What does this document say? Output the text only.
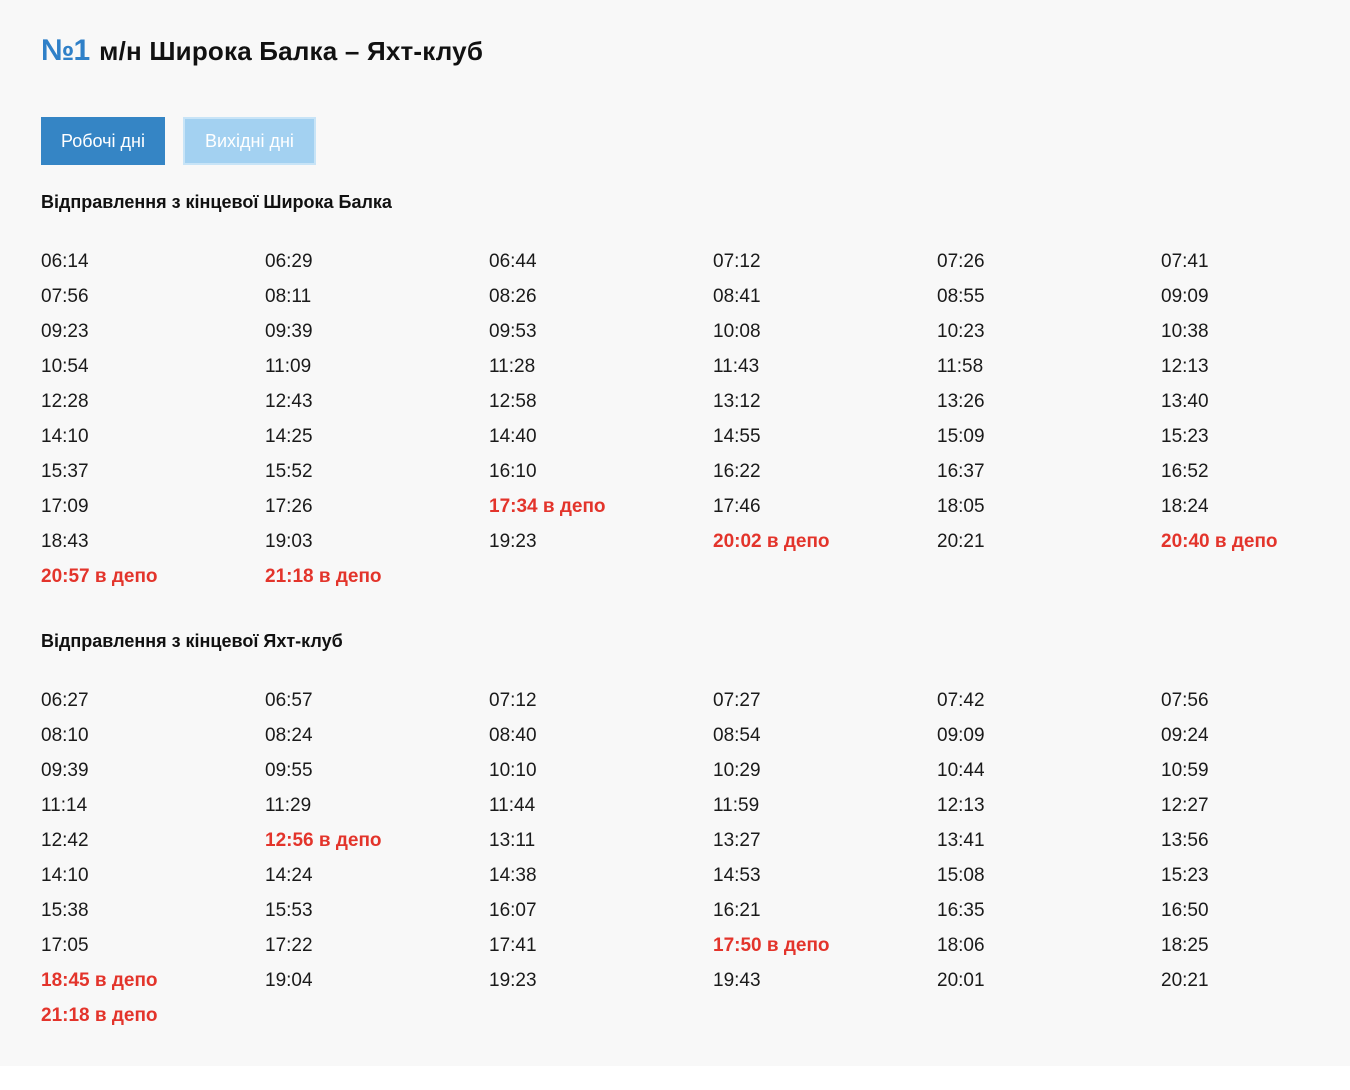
№1 м/н Широка Балка – Яхт-клуб
Робочі дні	Вихідні дні
Відправлення з кінцевої Широка Балка
06:14	06:29	06:44	07:12	07:26	07:41
07:56	08:11	08:26	08:41	08:55	09:09
09:23	09:39	09:53	10:08	10:23	10:38
10:54	11:09	11:28	11:43	11:58	12:13
12:28	12:43	12:58	13:12	13:26	13:40
14:10	14:25	14:40	14:55	15:09	15:23
15:37	15:52	16:10	16:22	16:37	16:52
17:09	17:26	17:34 в депо	17:46	18:05	18:24
18:43	19:03	19:23	20:02 в депо	20:21	20:40 в депо
20:57 в депо	21:18 в депо
Відправлення з кінцевої Яхт-клуб
06:27	06:57	07:12	07:27	07:42	07:56
08:10	08:24	08:40	08:54	09:09	09:24
09:39	09:55	10:10	10:29	10:44	10:59
11:14	11:29	11:44	11:59	12:13	12:27
12:42	12:56 в депо	13:11	13:27	13:41	13:56
14:10	14:24	14:38	14:53	15:08	15:23
15:38	15:53	16:07	16:21	16:35	16:50
17:05	17:22	17:41	17:50 в депо	18:06	18:25
18:45 в депо	19:04	19:23	19:43	20:01	20:21
21:18 в депо
